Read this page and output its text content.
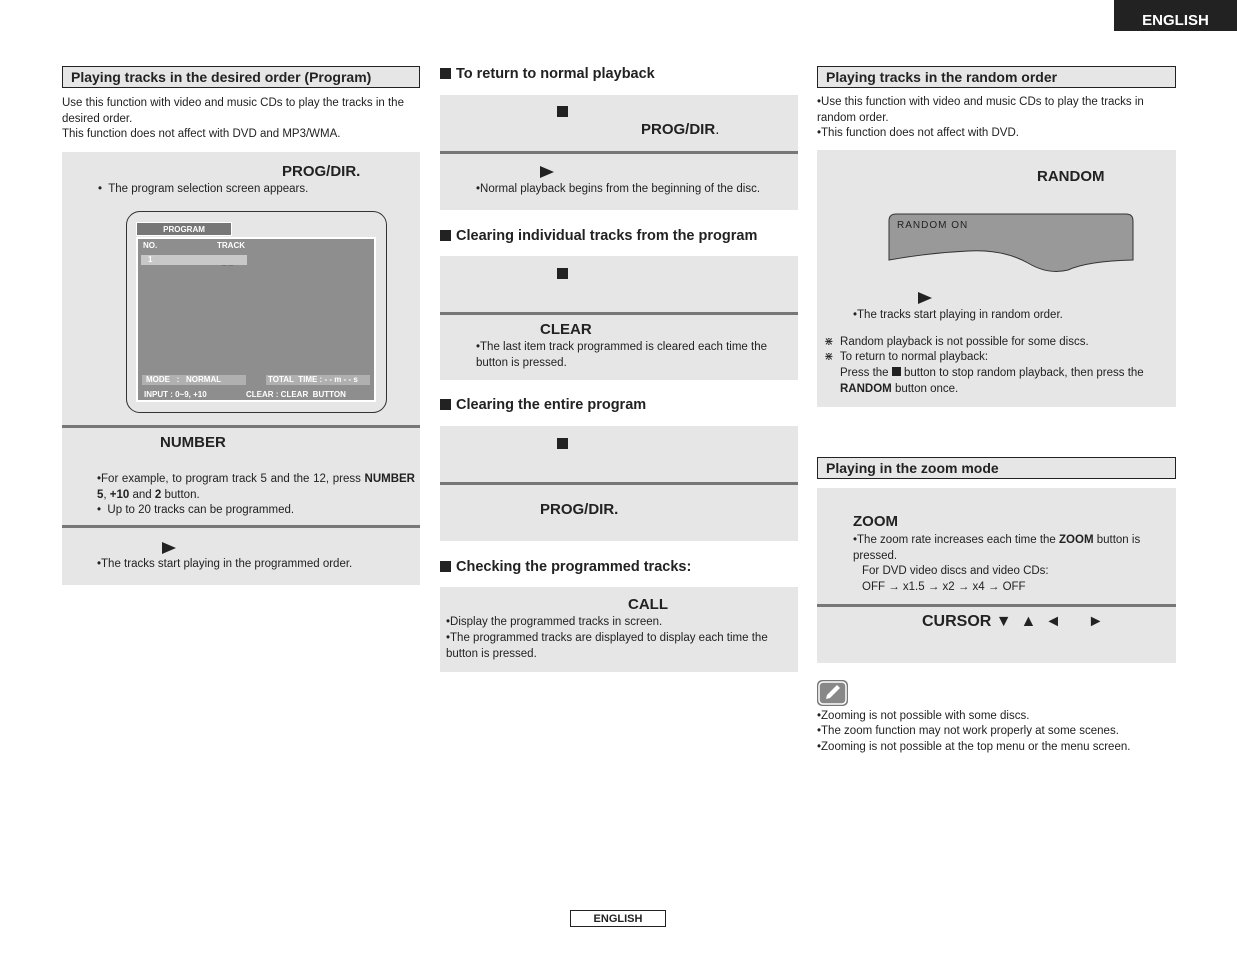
ENGLISH
Playing tracks in the desired order (Program)
Use this function with video and music CDs to play the tracks in the desired order.
This function does not affect with DVD and MP3/WMA.
PROG/DIR.
•  The program selection screen appears.
PROGRAM
NO.	TRACK
1	_ _
MODE   :   NORMAL	TOTAL  TIME : - - m - - s
INPUT : 0~9, +10	CLEAR : CLEAR  BUTTON
NUMBER
•For example, to program track 5 and the 12, press NUMBER 5, +10 and 2 button.
•  Up to 20 tracks can be programmed.
•The tracks start playing in the programmed order.
To return to normal playback
PROG/DIR.
•Normal playback begins from the beginning of the disc.
Clearing individual tracks from the program
CLEAR
•The last item track programmed is cleared each time the button is pressed.
Clearing the entire program
PROG/DIR.
Checking the programmed tracks:
CALL
•Display the programmed tracks in screen.
•The programmed tracks are displayed to display each time the button is pressed.
Playing tracks in the random order
•Use this function with video and music CDs to play the tracks in random order.
•This function does not affect with DVD.
RANDOM
RANDOM ON
•The tracks start playing in random order.
⋇  Random playback is not possible for some discs.
⋇  To return to normal playback:
Press the  button to stop random playback, then press the RANDOM button once.
Playing in the zoom mode
ZOOM
•The zoom rate increases each time the ZOOM button is pressed.
For DVD video discs and video CDs:
OFF → x1.5 → x2 → x4 → OFF
CURSOR ▼  ▲  ◄      ►
•Zooming is not possible with some discs.
•The zoom function may not work properly at some scenes.
•Zooming is not possible at the top menu or the menu screen.
ENGLISH
